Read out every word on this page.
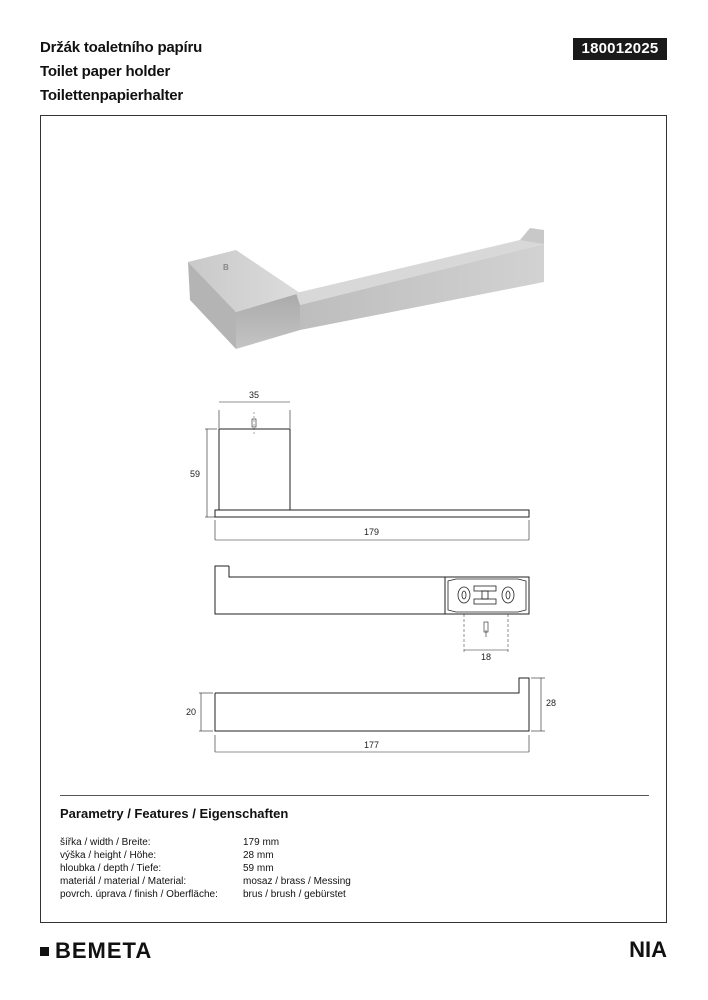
Držák toaletního papíru
Toilet paper holder
Toilettenpapierhalter
180012025
B
35
59
179
18
20
28
177
Parametry / Features / Eigenschaften
šířka / width / Breite:	179 mm
výška / height / Höhe:	28 mm
hloubka / depth / Tiefe:	59 mm
materiál / material / Material:	mosaz / brass / Messing
povrch. úprava / finish / Oberfläche:	brus / brush / gebürstet
BEMETA	NIA
